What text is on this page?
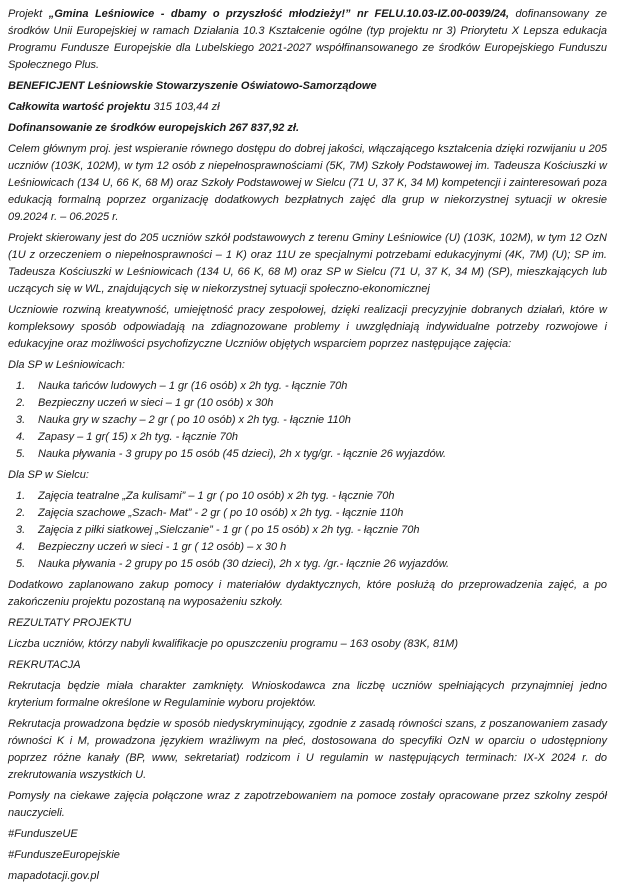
Projekt „Gmina Leśniowice - dbamy o przyszłość młodzieży!” nr FELU.10.03-IZ.00-0039/24, dofinansowany ze środków Unii Europejskiej w ramach Działania 10.3 Kształcenie ogólne (typ projektu nr 3) Priorytetu X Lepsza edukacja Programu Fundusze Europejskie dla Lubelskiego 2021-2027 współfinansowanego ze środków Europejskiego Funduszu Społecznego Plus.

BENEFICJENT Leśniowskie Stowarzyszenie Oświatowo-Samorządowe

Całkowita wartość projektu 315 103,44 zł

Dofinansowanie ze środków europejskich 267 837,92 zł.

Celem głównym proj. jest wspieranie równego dostępu do dobrej jakości, włączającego kształcenia dzięki rozwijaniu u 205 uczniów (103K, 102M), w tym 12 osób z niepełnosprawnościami (5K, 7M) Szkoły Podstawowej im. Tadeusza Kościuszki w Leśniowicach (134 U, 66 K, 68 M) oraz Szkoły Podstawowej w Sielcu (71 U, 37 K, 34 M) kompetencji i zainteresowań poza edukacją formalną poprzez organizację dodatkowych bezpłatnych zajęć dla grup w niekorzystnej sytuacji w okresie 09.2024 r. – 06.2025 r.

Projekt skierowany jest do 205 uczniów szkół podstawowych z terenu Gminy Leśniowice (U) (103K, 102M), w tym 12 OzN (1U z orzeczeniem o niepełnosprawności – 1 K) oraz 11U ze specjalnymi potrzebami edukacyjnymi (4K, 7M) (U); SP im. Tadeusza Kościuszki w Leśniowicach (134 U, 66 K, 68 M) oraz SP w Sielcu (71 U, 37 K, 34 M) (SP), mieszkających lub uczących się w WL, znajdujących się w niekorzystnej sytuacji społeczno-ekonomicznej

Uczniowie rozwiną kreatywność, umiejętność pracy zespołowej, dzięki realizacji precyzyjnie dobranych działań, które w kompleksowy sposób odpowiadają na zdiagnozowane problemy i uwzględniają indywidualne potrzeby rozwojowe i edukacyjne oraz możliwości psychofizyczne Uczniów objętych wsparciem poprzez następujące zajęcia:

Dla SP w Leśniowicach:

Nauka tańców ludowych – 1 gr (16 osób) x 2h tyg. - łącznie 70h
Bezpieczny uczeń w sieci – 1 gr (10 osób) x 30h
Nauka gry w szachy – 2 gr ( po 10 osób) x 2h tyg. - łącznie 110h
Zapasy – 1 gr( 15) x 2h tyg. - łącznie 70h
Nauka pływania - 3 grupy po 15 osób (45 dzieci), 2h x tyg/gr. - łącznie 26 wyjazdów.

Dla SP w Sielcu:

Zajęcia teatralne „Za kulisami” – 1 gr ( po 10 osób) x 2h tyg. - łącznie 70h
Zajęcia szachowe „Szach- Mat” - 2 gr ( po 10 osób) x 2h tyg. - łącznie 110h
Zajęcia z piłki siatkowej „Sielczanie” - 1 gr ( po 15 osób) x 2h tyg. - łącznie 70h
Bezpieczny uczeń w sieci - 1 gr ( 12 osób) – x 30 h
Nauka pływania - 2 grupy po 15 osób (30 dzieci), 2h x tyg. /gr.- łącznie 26 wyjazdów.

Dodatkowo zaplanowano zakup pomocy i materiałów dydaktycznych, które posłużą do przeprowadzenia zajęć, a po zakończeniu projektu pozostaną na wyposażeniu szkoły.

REZULTATY PROJEKTU

Liczba uczniów, którzy nabyli kwalifikacje po opuszczeniu programu – 163 osoby (83K, 81M)

REKRUTACJA

Rekrutacja będzie miała charakter zamknięty. Wnioskodawca zna liczbę uczniów spełniających przynajmniej jedno kryterium formalne określone w Regulaminie wyboru projektów.

Rekrutacja prowadzona będzie w sposób niedyskryminujący, zgodnie z zasadą równości szans, z poszanowaniem zasady równości K i M, prowadzona językiem wrażliwym na płeć, dostosowana do specyfiki OzN w oparciu o udostępniony poprzez różne kanały (BP, www, sekretariat) rodzicom i U regulamin w następujących terminach: IX-X 2024 r. do zrekrutowania wszystkich U.

Pomysły na ciekawe zajęcia połączone wraz z zapotrzebowaniem na pomoce zostały opracowane przez szkolny zespół nauczycieli.

#FunduszeUE

#FunduszeEuropejskie

mapadotacji.gov.pl
